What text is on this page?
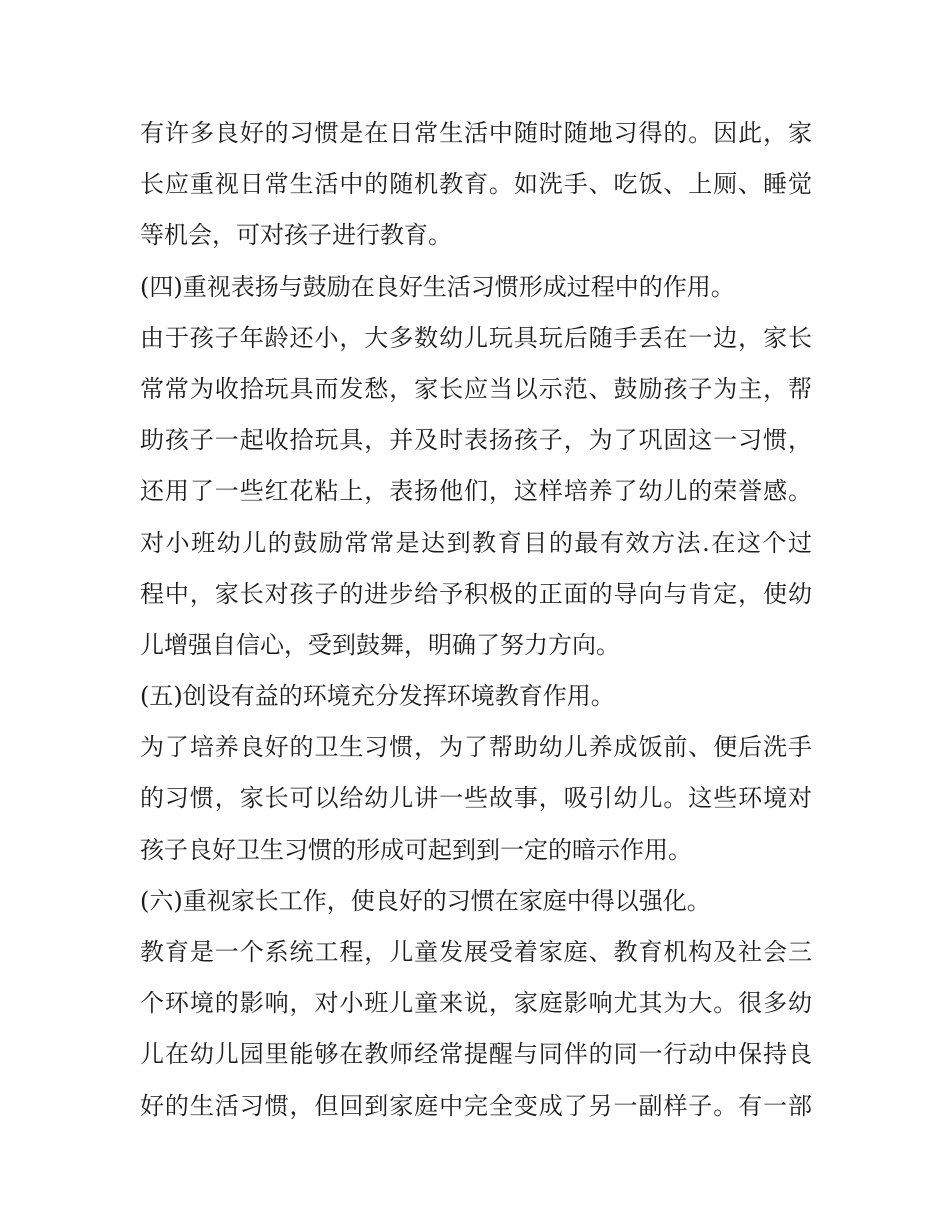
有许多良好的习惯是在日常生活中随时随地习得的。因此，家
长应重视日常生活中的随机教育。如洗手、吃饭、上厕、睡觉
等机会，可对孩子进行教育。
(四)重视表扬与鼓励在良好生活习惯形成过程中的作用。
由于孩子年龄还小，大多数幼儿玩具玩后随手丢在一边，家长
常常为收拾玩具而发愁，家长应当以示范、鼓励孩子为主，帮
助孩子一起收拾玩具，并及时表扬孩子，为了巩固这一习惯，
还用了一些红花粘上，表扬他们，这样培养了幼儿的荣誉感。
对小班幼儿的鼓励常常是达到教育目的最有效方法.在这个过
程中，家长对孩子的进步给予积极的正面的导向与肯定，使幼
儿增强自信心，受到鼓舞，明确了努力方向。
(五)创设有益的环境充分发挥环境教育作用。
为了培养良好的卫生习惯，为了帮助幼儿养成饭前、便后洗手
的习惯，家长可以给幼儿讲一些故事，吸引幼儿。这些环境对
孩子良好卫生习惯的形成可起到到一定的暗示作用。
(六)重视家长工作，使良好的习惯在家庭中得以强化。
教育是一个系统工程，儿童发展受着家庭、教育机构及社会三
个环境的影响，对小班儿童来说，家庭影响尤其为大。很多幼
儿在幼儿园里能够在教师经常提醒与同伴的同一行动中保持良
好的生活习惯，但回到家庭中完全变成了另一副样子。有一部
